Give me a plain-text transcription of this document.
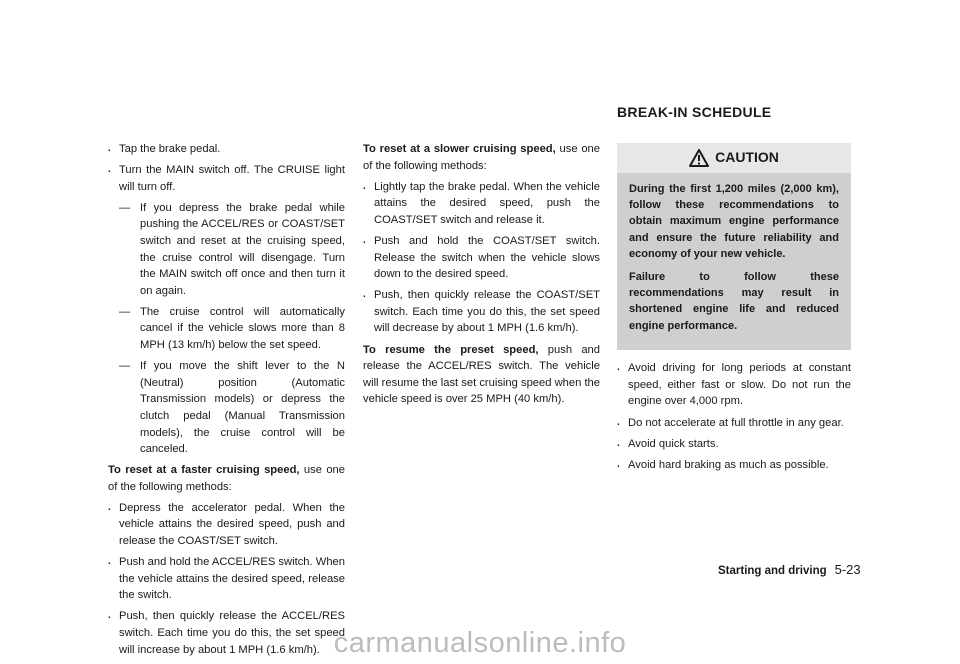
. Tap the brake pedal.
. Turn the MAIN switch off. The CRUISE light will turn off.
— If you depress the brake pedal while pushing the ACCEL/RES or COAST/SET switch and reset at the cruising speed, the cruise control will disengage. Turn the MAIN switch off once and then turn it on again.
— The cruise control will automatically cancel if the vehicle slows more than 8 MPH (13 km/h) below the set speed.
— If you move the shift lever to the N (Neutral) position (Automatic Transmission models) or depress the clutch pedal (Manual Transmission models), the cruise control will be canceled.

To reset at a faster cruising speed, use one of the following methods:

. Depress the accelerator pedal. When the vehicle attains the desired speed, push and release the COAST/SET switch.
. Push and hold the ACCEL/RES switch. When the vehicle attains the desired speed, release the switch.
. Push, then quickly release the ACCEL/RES switch. Each time you do this, the set speed will increase by about 1 MPH (1.6 km/h).

To reset at a slower cruising speed, use one of the following methods:

. Lightly tap the brake pedal. When the vehicle attains the desired speed, push the COAST/SET switch and release it.
. Push and hold the COAST/SET switch. Release the switch when the vehicle slows down to the desired speed.
. Push, then quickly release the COAST/SET switch. Each time you do this, the set speed will decrease by about 1 MPH (1.6 km/h).

To resume the preset speed, push and release the ACCEL/RES switch. The vehicle will resume the last set cruising speed when the vehicle speed is over 25 MPH (40 km/h).

BREAK-IN SCHEDULE
CAUTION

During the first 1,200 miles (2,000 km), follow these recommendations to obtain maximum engine performance and ensure the future reliability and economy of your new vehicle.

Failure to follow these recommendations may result in shortened engine life and reduced engine performance.

. Avoid driving for long periods at constant speed, either fast or slow. Do not run the engine over 4,000 rpm.
. Do not accelerate at full throttle in any gear.
. Avoid quick starts.
. Avoid hard braking as much as possible.
Starting and driving 5-23
carmanualsonline.info
